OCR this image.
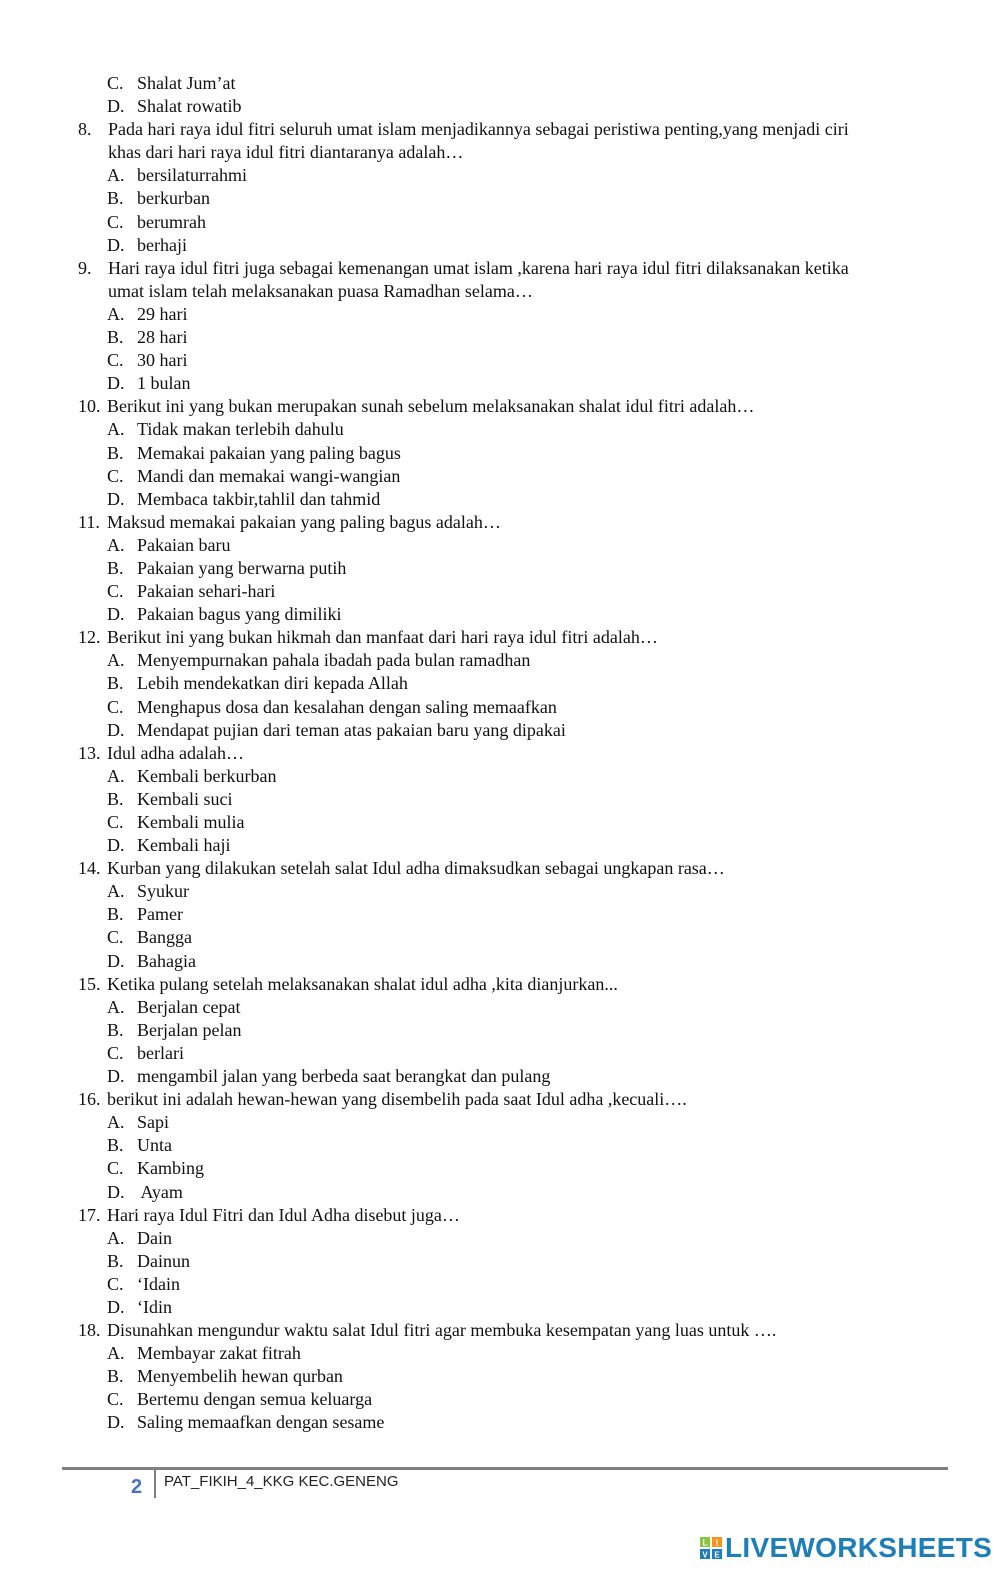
C. Shalat Jum’at
D. Shalat rowatib
8. Pada hari raya idul fitri seluruh umat islam menjadikannya sebagai peristiwa penting,yang menjadi ciri
khas dari hari raya idul fitri diantaranya adalah…
A. bersilaturrahmi
B. berkurban
C. berumrah
D. berhaji
9. Hari raya idul fitri juga sebagai kemenangan umat islam ,karena hari raya idul fitri dilaksanakan ketika
umat islam telah melaksanakan puasa Ramadhan selama…
A. 29 hari
B. 28 hari
C. 30 hari
D. 1 bulan
10. Berikut ini yang bukan merupakan sunah sebelum melaksanakan shalat idul fitri adalah…
A. Tidak makan terlebih dahulu
B. Memakai pakaian yang paling bagus
C. Mandi dan memakai wangi-wangian
D. Membaca takbir,tahlil dan tahmid
11. Maksud memakai pakaian yang paling bagus adalah…
A. Pakaian baru
B. Pakaian yang berwarna putih
C. Pakaian sehari-hari
D. Pakaian bagus yang dimiliki
12. Berikut ini yang bukan hikmah dan manfaat dari hari raya idul fitri adalah…
A. Menyempurnakan pahala ibadah pada bulan ramadhan
B. Lebih mendekatkan diri kepada Allah
C. Menghapus dosa dan kesalahan dengan saling memaafkan
D. Mendapat pujian dari teman atas pakaian baru yang dipakai
13. Idul adha adalah…
A. Kembali berkurban
B. Kembali suci
C. Kembali mulia
D. Kembali haji
14. Kurban yang dilakukan setelah salat Idul adha dimaksudkan sebagai ungkapan rasa…
A. Syukur
B. Pamer
C. Bangga
D. Bahagia
15. Ketika pulang setelah melaksanakan shalat idul adha ,kita dianjurkan...
A. Berjalan cepat
B. Berjalan pelan
C. berlari
D. mengambil jalan yang berbeda saat berangkat dan pulang
16. berikut ini adalah hewan-hewan yang disembelih pada saat Idul adha ,kecuali….
A. Sapi
B. Unta
C. Kambing
D. Ayam
17. Hari raya Idul Fitri dan Idul Adha disebut juga…
A. Dain
B. Dainun
C. ‘Idain
D. ‘Idin
18. Disunahkan mengundur waktu salat Idul fitri agar membuka kesempatan yang luas untuk ….
A. Membayar zakat fitrah
B. Menyembelih hewan qurban
C. Bertemu dengan semua keluarga
D. Saling memaafkan dengan sesame
2 PAT_FIKIH_4_KKG KEC.GENENG
L I
V E LIVEWORKSHEETS
